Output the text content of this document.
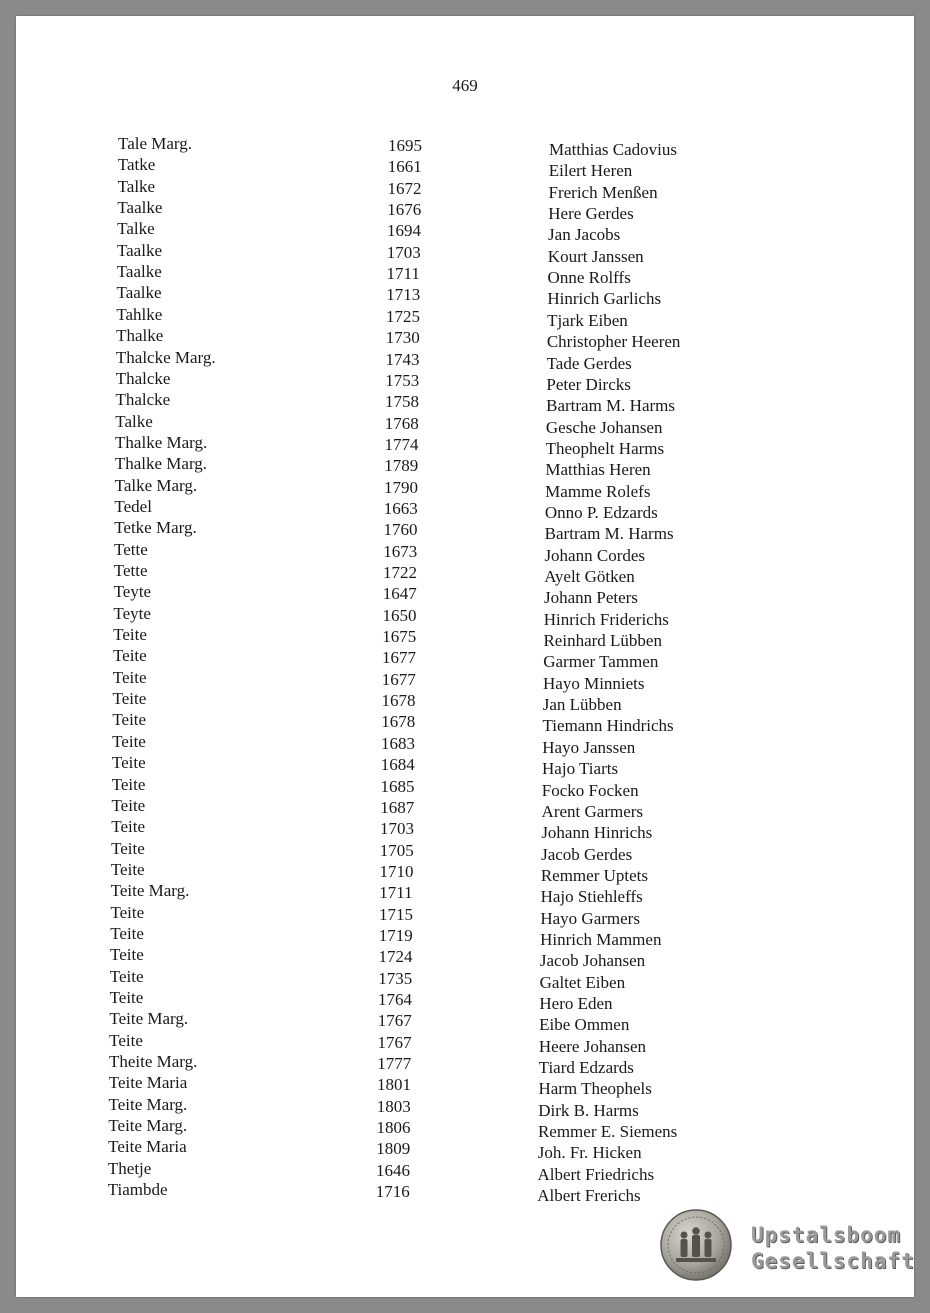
469
Tale Marg.	1695	Matthias Cadovius
Tatke	1661	Eilert Heren
Talke	1672	Frerich Menßen
Taalke	1676	Here Gerdes
Talke	1694	Jan Jacobs
Taalke	1703	Kourt Janssen
Taalke	1711	Onne Rolffs
Taalke	1713	Hinrich Garlichs
Tahlke	1725	Tjark Eiben
Thalke	1730	Christopher Heeren
Thalcke Marg.	1743	Tade Gerdes
Thalcke	1753	Peter Dircks
Thalcke	1758	Bartram M. Harms
Talke	1768	Gesche Johansen
Thalke Marg.	1774	Theophelt Harms
Thalke Marg.	1789	Matthias Heren
Talke Marg.	1790	Mamme Rolefs
Tedel	1663	Onno P. Edzards
Tetke Marg.	1760	Bartram M. Harms
Tette	1673	Johann Cordes
Tette	1722	Ayelt Götken
Teyte	1647	Johann Peters
Teyte	1650	Hinrich Friderichs
Teite	1675	Reinhard Lübben
Teite	1677	Garmer Tammen
Teite	1677	Hayo Minniets
Teite	1678	Jan Lübben
Teite	1678	Tiemann Hindrichs
Teite	1683	Hayo Janssen
Teite	1684	Hajo Tiarts
Teite	1685	Focko Focken
Teite	1687	Arent Garmers
Teite	1703	Johann Hinrichs
Teite	1705	Jacob Gerdes
Teite	1710	Remmer Uptets
Teite Marg.	1711	Hajo Stiehleffs
Teite	1715	Hayo Garmers
Teite	1719	Hinrich Mammen
Teite	1724	Jacob Johansen
Teite	1735	Galtet Eiben
Teite	1764	Hero Eden
Teite Marg.	1767	Eibe Ommen
Teite	1767	Heere Johansen
Theite Marg.	1777	Tiard Edzards
Teite Maria	1801	Harm Theophels
Teite Marg.	1803	Dirk B. Harms
Teite Marg.	1806	Remmer E. Siemens
Teite Maria	1809	Joh. Fr. Hicken
Thetje	1646	Albert Friedrichs
Tiambde	1716	Albert Frerichs
Upstalsboom
Gesellschaft
